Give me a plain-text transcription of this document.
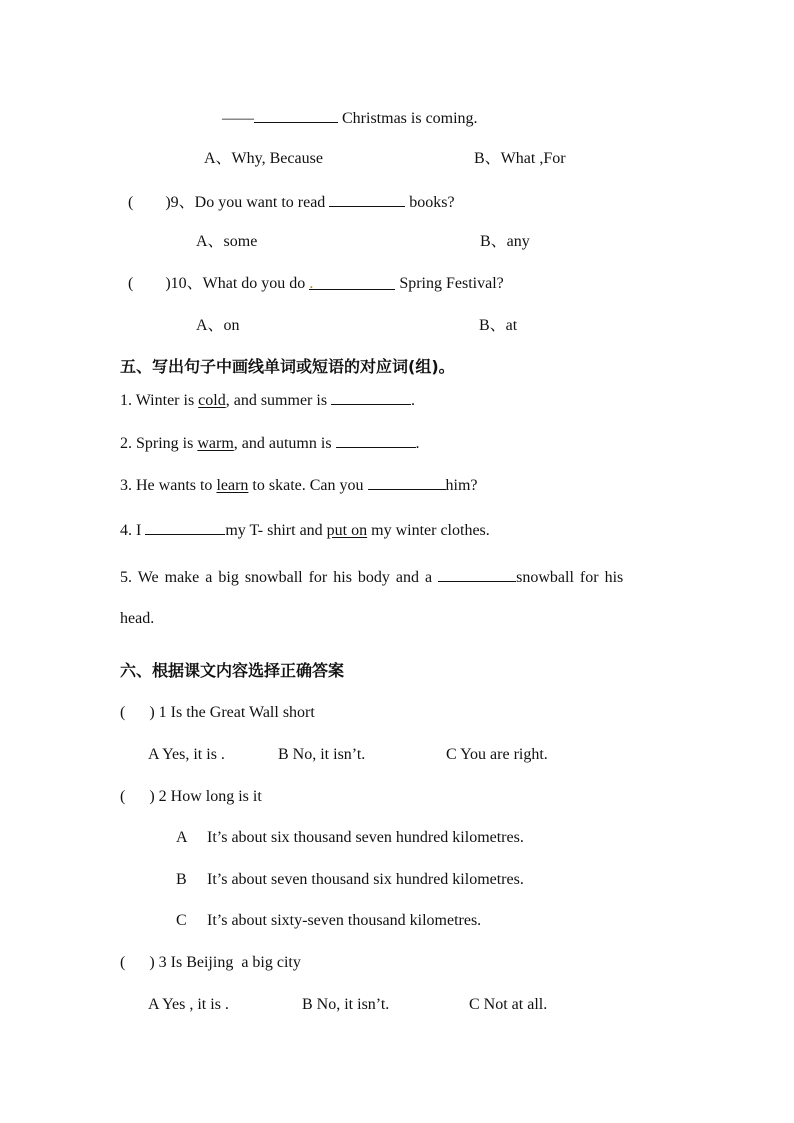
——	Christmas is coming.
A、Why, Because	B、What ,For
(        )9、Do you want to read	books?
A、some	B、any
(        )10、What do you do .	Spring Festival?
A、on	B、at
五、写出句子中画线单词或短语的对应词(组)。
1. Winter is cold, and summer is	.
2. Spring is warm, and autumn is	.
3. He wants to learn to skate. Can you	him?
4. I	my T- shirt and put on my winter clothes.
5. We make a big snowball for his body and a	snowball for his
head.
六、根据课文内容选择正确答案
(      ) 1 Is the Great Wall short
A Yes, it is .	B No, it isn’t.	C You are right.
(      ) 2 How long is it
A It’s about six thousand seven hundred kilometres.
B It’s about seven thousand six hundred kilometres.
C It’s about sixty-seven thousand kilometres.
(      ) 3 Is Beijing  a big city
A Yes , it is .	B No, it isn’t.	C Not at all.
